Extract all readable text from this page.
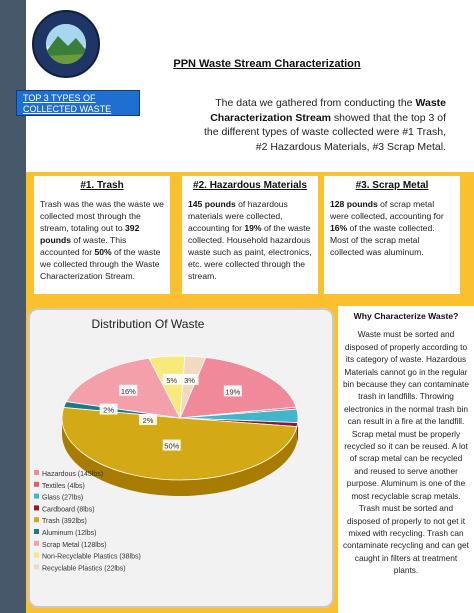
PPN Waste Stream Characterization
TOP 3 TYPES OF COLLECTED WASTE	The data we gathered from conducting the Waste Characterization Stream showed that the top 3 of the different types of waste collected were #1 Trash, #2 Hazardous Materials, #3 Scrap Metal.
#1. Trash
Trash was the was the waste we collected most through the stream, totaling out to 392 pounds of waste. This accounted for 50% of the waste we collected through the Waste Characterization Stream.
#2. Hazardous Materials
145 pounds of hazardous materials were collected, accounting for 19% of the waste collected. Household hazardous waste such as paint, electronics, etc. were collected through the stream.
#3. Scrap Metal
128 pounds of scrap metal were collected, accounting for 16% of the waste collected. Most of the scrap metal collected was aluminum.
Distribution Of Waste
19%
50%
2%
16%
5% 3%
2%
Hazardous (145lbs)
Textiles (4lbs)
Glass (27lbs)
Cardboard (8lbs)
Trash (392lbs)
Aluminum (12lbs)
Scrap Metal (128lbs)
Non-Recyclable Plastics (38lbs)
Recyclable Plastics (22lbs)
Why Characterize Waste?
Waste must be sorted and disposed of properly according to its category of waste. Hazardous Materials cannot go in the regular bin because they can contaminate trash in landfills. Throwing electronics in the normal trash bin can result in a fire at the landfill. Scrap metal must be properly recycled so it can be reused. A lot of scrap metal can be recycled and reused to serve another purpose. Aluminum is one of the most recyclable scrap metals. Trash must be sorted and disposed of properly to not get it mixed with recycling. Trash can contaminate recycling and can get caught in filters at treatment plants.
